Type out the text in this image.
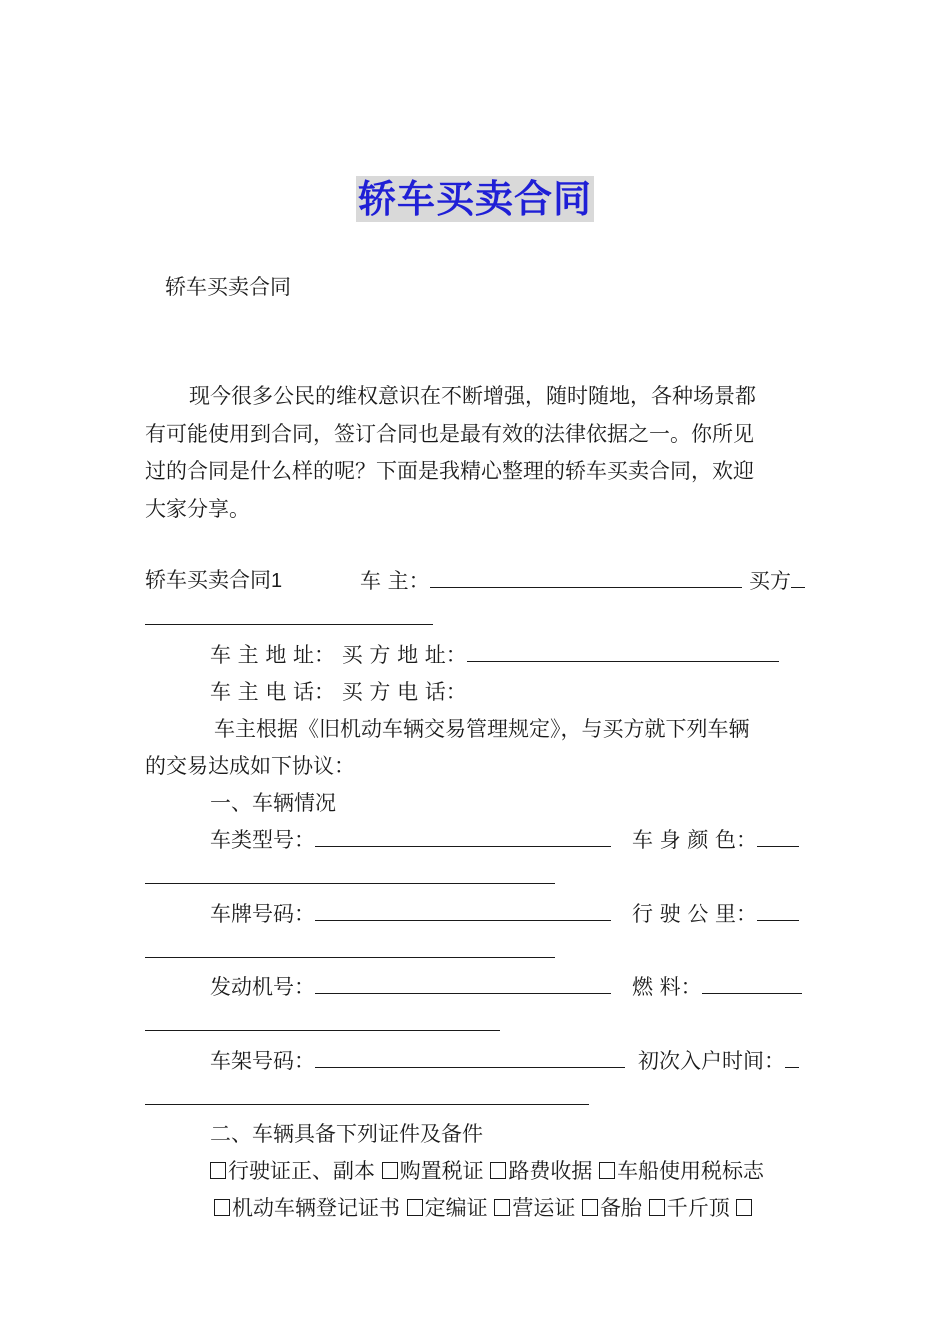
轿车买卖合同
轿车买卖合同
现今很多公民的维权意识在不断增强，随时随地，各种场景都
有可能使用到合同，签订合同也是最有效的法律依据之一。你所见
过的合同是什么样的呢？下面是我精心整理的轿车买卖合同，欢迎
大家分享。
轿车买卖合同1	车 主：	买方
车 主 地 址： 买 方 地 址：
车 主 电 话： 买 方 电 话：
车主根据《旧机动车辆交易管理规定》，与买方就下列车辆
的交易达成如下协议：
一、车辆情况
车类型号：	车 身 颜 色：
车牌号码：	行 驶 公 里：
发动机号：	燃 料：
车架号码：	初次入户时间：
二、车辆具备下列证件及备件
行驶证正、副本 购置税证 路费收据 车船使用税标志
机动车辆登记证书 定编证 营运证 备胎 千斤顶
